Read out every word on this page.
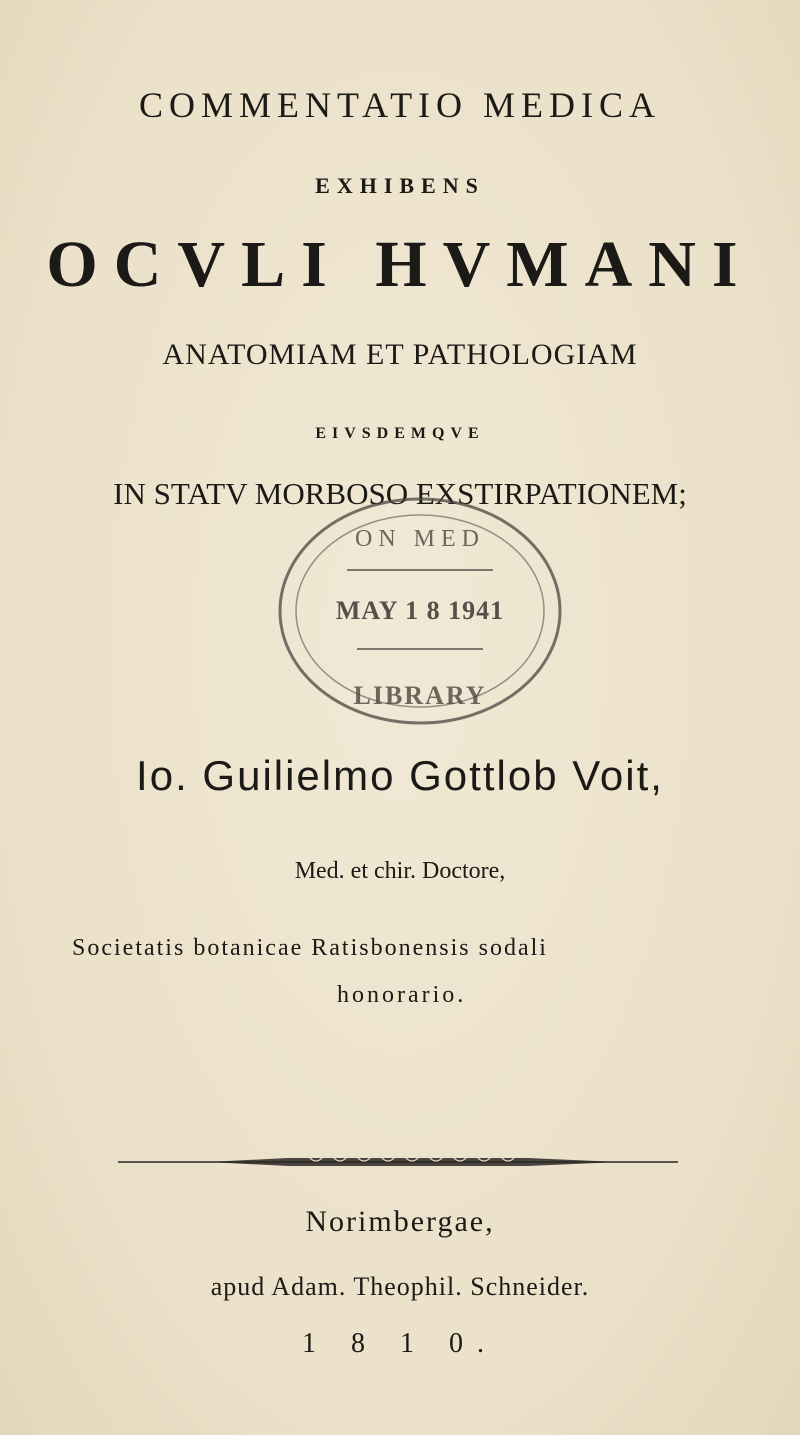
COMMENTATIO MEDICA
EXHIBENS
OCVLI HVMANI
ANATOMIAM ET PATHOLOGIAM
EIVSDEMQVE
IN STATV MORBOSO EXSTIRPATIONEM;
ON MED
MAY 1 8 1941
LIBRARY
Io. Guilielmo Gottlob Voit,
Med. et chir. Doctore,
Societatis botanicae Ratisbonensis sodali
honorario.
Norimbergae,
apud Adam. Theophil. Schneider.
1 8 1 0.
